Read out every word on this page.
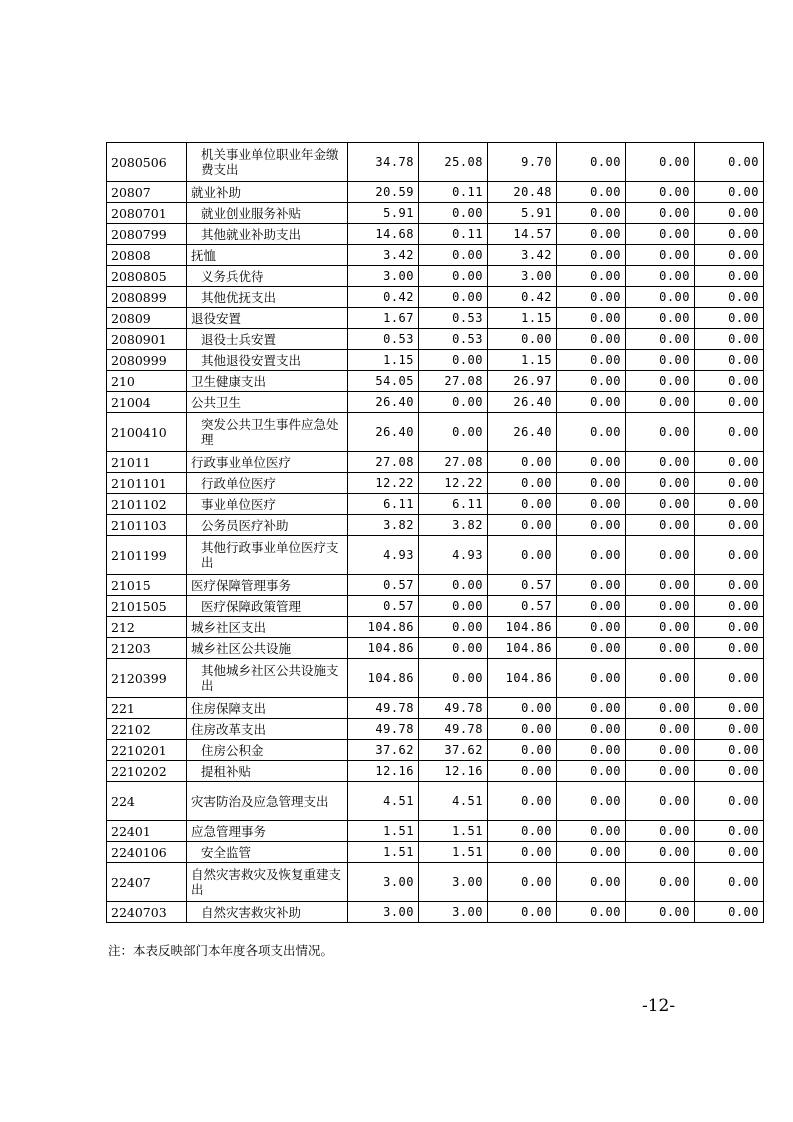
2080506	机关事业单位职业年金缴费支出	34.78	25.08	9.70	0.00	0.00	0.00
20807	就业补助	20.59	0.11	20.48	0.00	0.00	0.00
2080701	就业创业服务补贴	5.91	0.00	5.91	0.00	0.00	0.00
2080799	其他就业补助支出	14.68	0.11	14.57	0.00	0.00	0.00
20808	抚恤	3.42	0.00	3.42	0.00	0.00	0.00
2080805	义务兵优待	3.00	0.00	3.00	0.00	0.00	0.00
2080899	其他优抚支出	0.42	0.00	0.42	0.00	0.00	0.00
20809	退役安置	1.67	0.53	1.15	0.00	0.00	0.00
2080901	退役士兵安置	0.53	0.53	0.00	0.00	0.00	0.00
2080999	其他退役安置支出	1.15	0.00	1.15	0.00	0.00	0.00
210	卫生健康支出	54.05	27.08	26.97	0.00	0.00	0.00
21004	公共卫生	26.40	0.00	26.40	0.00	0.00	0.00
2100410	突发公共卫生事件应急处理	26.40	0.00	26.40	0.00	0.00	0.00
21011	行政事业单位医疗	27.08	27.08	0.00	0.00	0.00	0.00
2101101	行政单位医疗	12.22	12.22	0.00	0.00	0.00	0.00
2101102	事业单位医疗	6.11	6.11	0.00	0.00	0.00	0.00
2101103	公务员医疗补助	3.82	3.82	0.00	0.00	0.00	0.00
2101199	其他行政事业单位医疗支出	4.93	4.93	0.00	0.00	0.00	0.00
21015	医疗保障管理事务	0.57	0.00	0.57	0.00	0.00	0.00
2101505	医疗保障政策管理	0.57	0.00	0.57	0.00	0.00	0.00
212	城乡社区支出	104.86	0.00	104.86	0.00	0.00	0.00
21203	城乡社区公共设施	104.86	0.00	104.86	0.00	0.00	0.00
2120399	其他城乡社区公共设施支出	104.86	0.00	104.86	0.00	0.00	0.00
221	住房保障支出	49.78	49.78	0.00	0.00	0.00	0.00
22102	住房改革支出	49.78	49.78	0.00	0.00	0.00	0.00
2210201	住房公积金	37.62	37.62	0.00	0.00	0.00	0.00
2210202	提租补贴	12.16	12.16	0.00	0.00	0.00	0.00
224	灾害防治及应急管理支出	4.51	4.51	0.00	0.00	0.00	0.00
22401	应急管理事务	1.51	1.51	0.00	0.00	0.00	0.00
2240106	安全监管	1.51	1.51	0.00	0.00	0.00	0.00
22407	自然灾害救灾及恢复重建支出	3.00	3.00	0.00	0.00	0.00	0.00
2240703	自然灾害救灾补助	3.00	3.00	0.00	0.00	0.00	0.00
注：本表反映部门本年度各项支出情况。
-12-
